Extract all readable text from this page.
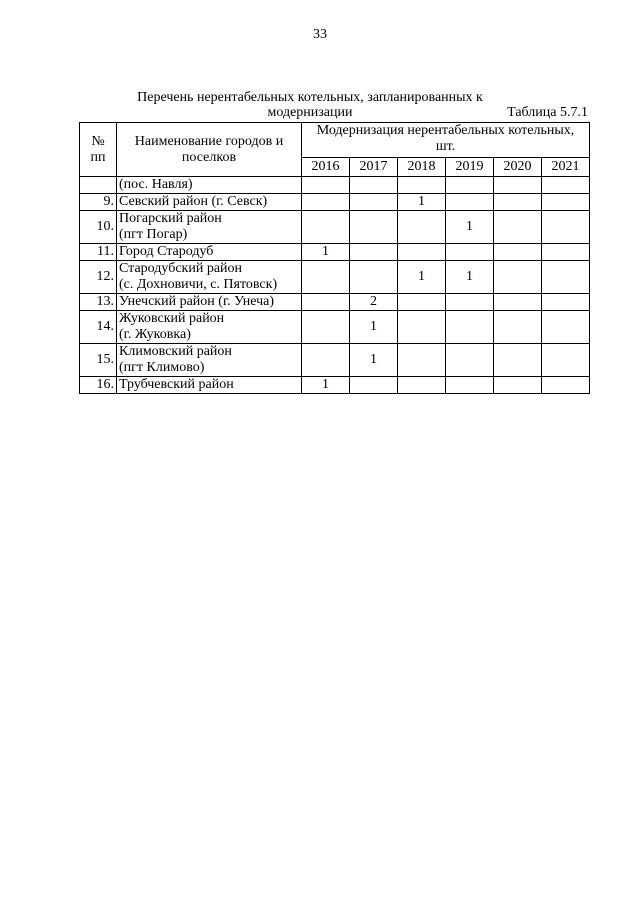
33
Перечень нерентабельных котельных, запланированных к
модернизации	Таблица 5.7.1
№
пп	Наименование городов и
поселков	Модернизация нерентабельных котельных,
шт.					

		2016	2017	2018	2019	2020	2021

	(пос. Навля)						

9.	Севский район (г. Севск)			1			
10.	Погарский район
(пгт Погар)				1		
11.	Город Стародуб	1					
12.	Стародубский район
(с. Дохновичи, с. Пятовск)			1	1		
13.	Унечский район (г. Унеча)		2				
14.	Жуковский район
(г. Жуковка)		1				
15.	Климовский район
(пгт Климово)		1				
16.	Трубчевский район	1					
